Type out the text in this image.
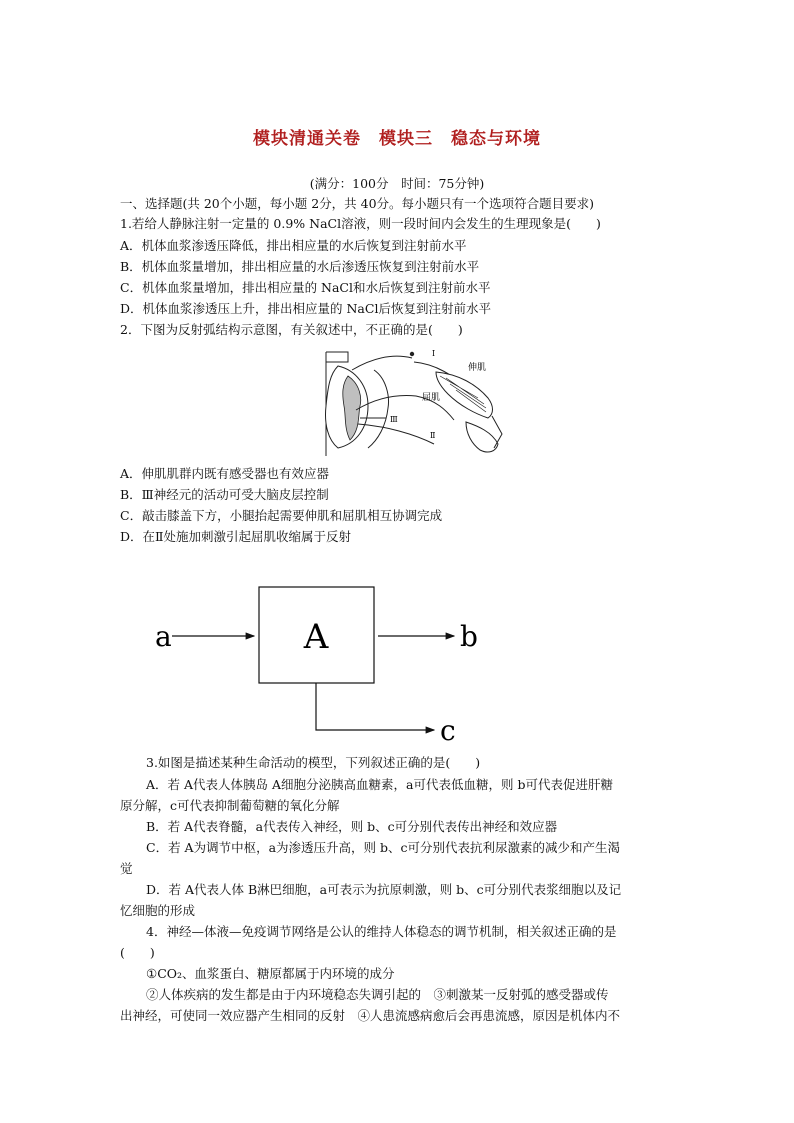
模块清通关卷　模块三　稳态与环境
(满分：100分　时间：75分钟)
一、选择题(共 20个小题，每小题 2分，共 40分。每小题只有一个选项符合题目要求)
1.若给人静脉注射一定量的 0.9% NaCl溶液，则一段时间内会发生的生理现象是(　　)
A．机体血浆渗透压降低，排出相应量的水后恢复到注射前水平
B．机体血浆量增加，排出相应量的水后渗透压恢复到注射前水平
C．机体血浆量增加，排出相应量的 NaCl和水后恢复到注射前水平
D．机体血浆渗透压上升，排出相应量的 NaCl后恢复到注射前水平
2．下图为反射弧结构示意图，有关叙述中，不正确的是(　　)
Ⅰ
Ⅱ
Ⅲ
伸肌
屈肌
A．伸肌肌群内既有感受器也有效应器
B．Ⅲ神经元的活动可受大脑皮层控制
C．敲击膝盖下方，小腿抬起需要伸肌和屈肌相互协调完成
D．在Ⅱ处施加刺激引起屈肌收缩属于反射
A
a	b
c
3.如图是描述某种生命活动的模型，下列叙述正确的是(　　)
A．若 A代表人体胰岛 A细胞分泌胰高血糖素，a可代表低血糖，则 b可代表促进肝糖
原分解，c可代表抑制葡萄糖的氧化分解
B．若 A代表脊髓，a代表传入神经，则 b、c可分别代表传出神经和效应器
C．若 A为调节中枢，a为渗透压升高，则 b、c可分别代表抗利尿激素的减少和产生渴
觉
D．若 A代表人体 B淋巴细胞，a可表示为抗原刺激，则 b、c可分别代表浆细胞以及记
忆细胞的形成
4．神经—体液—免疫调节网络是公认的维持人体稳态的调节机制，相关叙述正确的是
(　　)
①CO₂、血浆蛋白、糖原都属于内环境的成分
②人体疾病的发生都是由于内环境稳态失调引起的　③刺激某一反射弧的感受器或传
出神经，可使同一效应器产生相同的反射　④人患流感病愈后会再患流感，原因是机体内不
